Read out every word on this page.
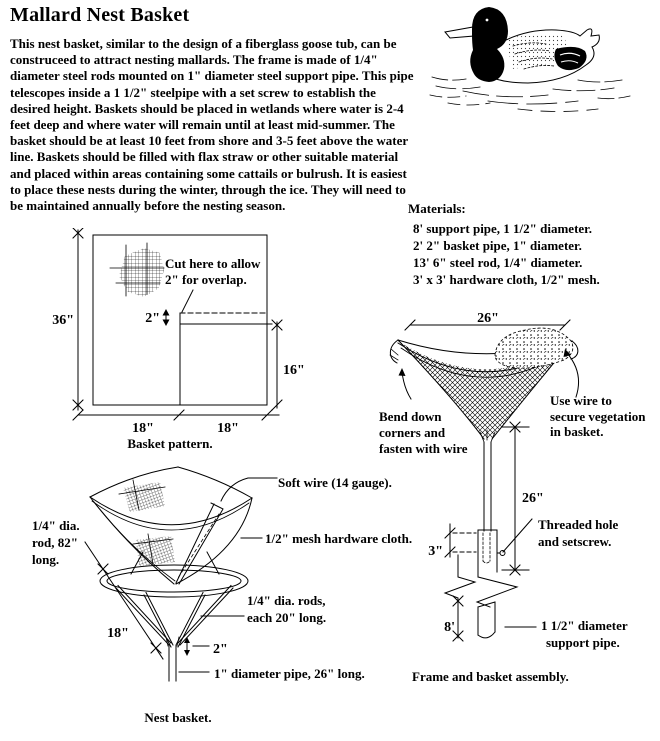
Mallard Nest Basket
This nest basket, similar to the design of a fiberglass goose tub, can be construceed to attract nesting mallards. The frame is made of 1/4" diameter steel rods mounted on 1" diameter steel support pipe. This pipe telescopes inside a 1 1/2" steelpipe with a set screw to establish the desired height. Baskets should be placed in wetlands where water is 2-4 feet deep and where water will remain until at least mid-summer. The basket should be at least 10 feet from shore and 3-5 feet above the water line. Baskets should be filled with flax straw or other suitable material and placed within areas containing some cattails or bulrush. It is easiest to place these nests during the winter, through the ice. They will need to be maintained annually before the nesting season.	Materials:
8' support pipe, 1 1/2" diameter.
2' 2" basket pipe, 1" diameter.
13' 6" steel rod, 1/4" diameter.
3' x 3' hardware cloth, 1/2" mesh.
Cut here to allow
2" for overlap.
36"	2"
16"
18"	18"
Basket pattern.
26"
Bend down
corners and
fasten with wire
Use wire to
secure vegetation
in basket.
26"
Threaded hole
and setscrew.
3"
8'	1 1/2" diameter
support pipe.
Frame and basket assembly.
Soft wire (14 gauge).
1/4" dia.
rod, 82"
long.
1/2" mesh hardware cloth.
1/4" dia. rods,
each 20" long.
18"
2"
1" diameter pipe, 26" long.
Nest basket.
